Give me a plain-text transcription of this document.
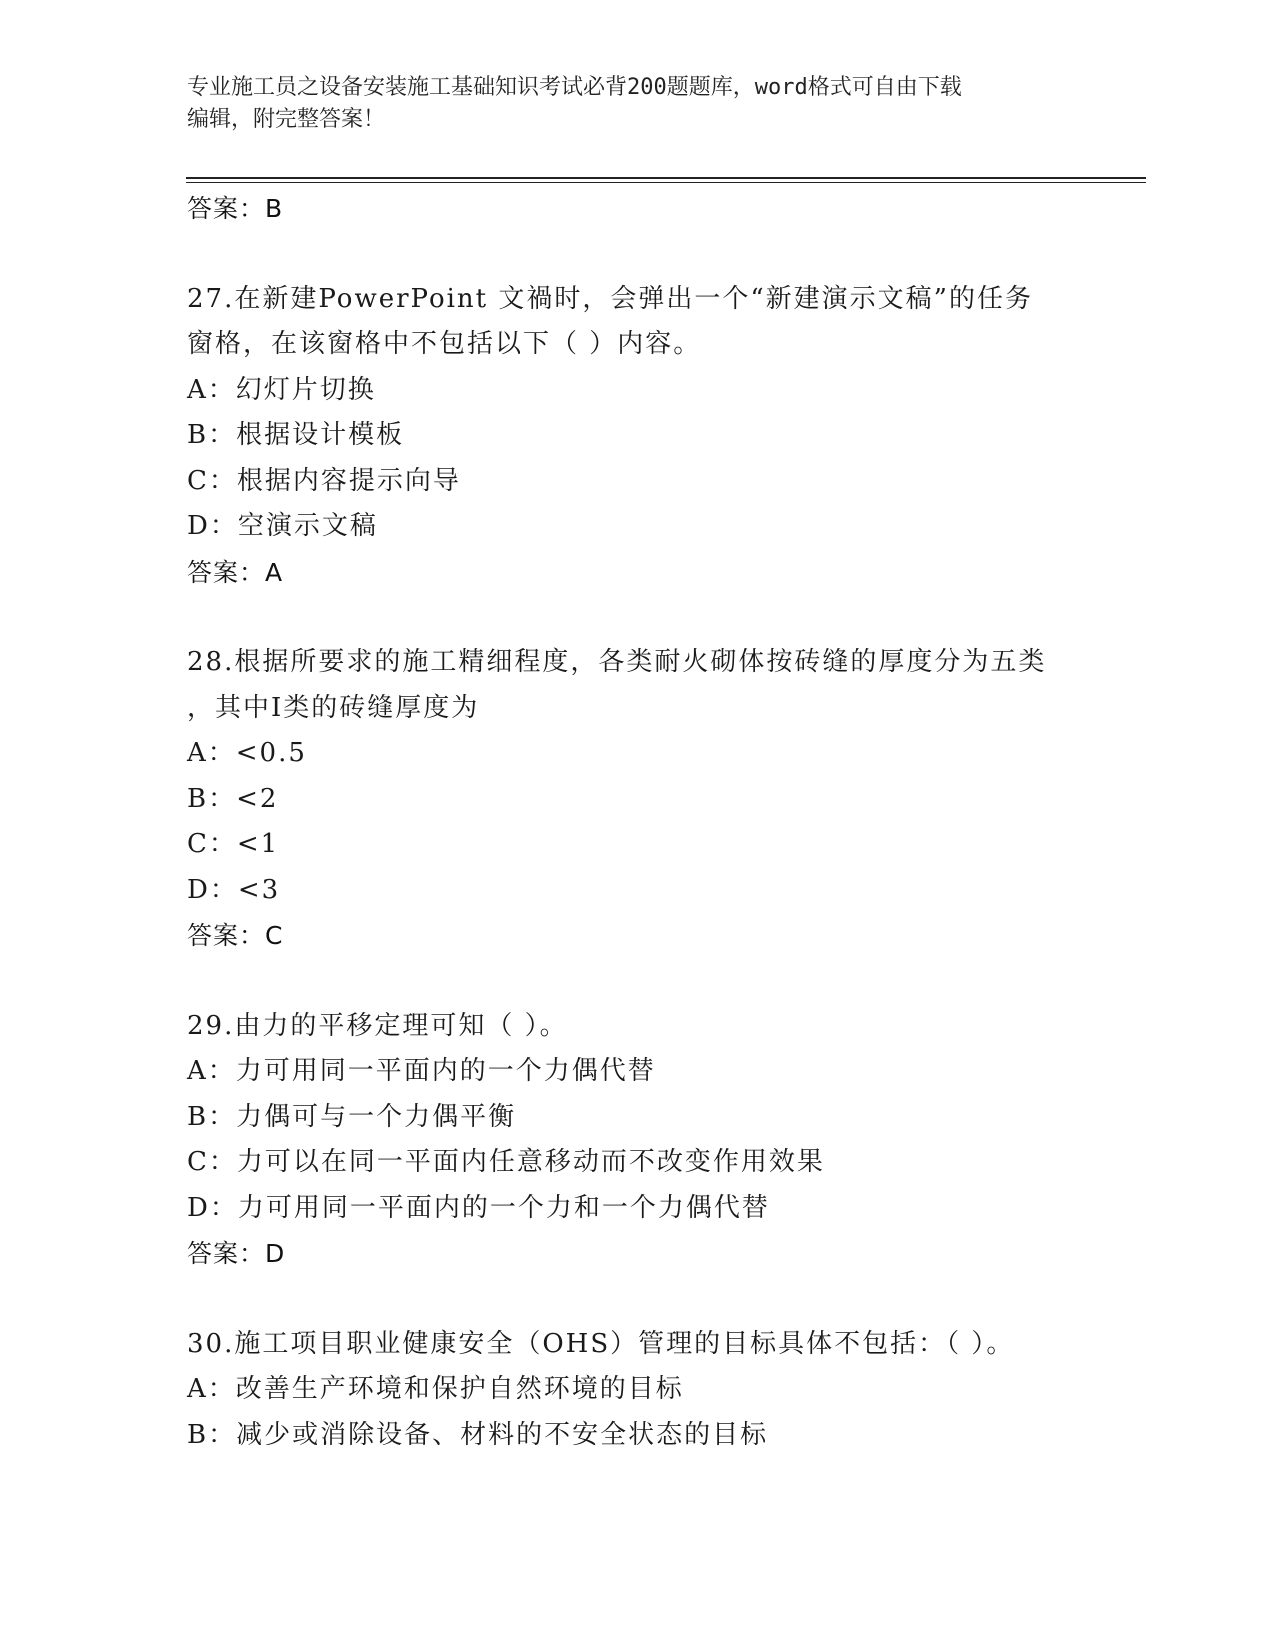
专业施工员之设备安装施工基础知识考试必背200题题库，word格式可自由下载
编辑，附完整答案！
答案：B
27.在新建PowerPoint 文禍时，会弹出一个“新建演示文稿”的任务
窗格，在该窗格中不包括以下（ ）内容。
A：幻灯片切换
B：根据设计模板
C：根据内容提示向导
D：空演示文稿
答案：A
28.根据所要求的施工精细程度，各类耐火砌体按砖缝的厚度分为五类
，其中Ⅰ类的砖缝厚度为
A：<0.5
B：<2
C：<1
D：<3
答案：C
29.由力的平移定理可知（ ）。
A：力可用同一平面内的一个力偶代替
B：力偶可与一个力偶平衡
C：力可以在同一平面内任意移动而不改变作用效果
D：力可用同一平面内的一个力和一个力偶代替
答案：D
30.施工项目职业健康安全（OHS）管理的目标具体不包括：（ ）。
A：改善生产环境和保护自然环境的目标
B：减少或消除设备、材料的不安全状态的目标
